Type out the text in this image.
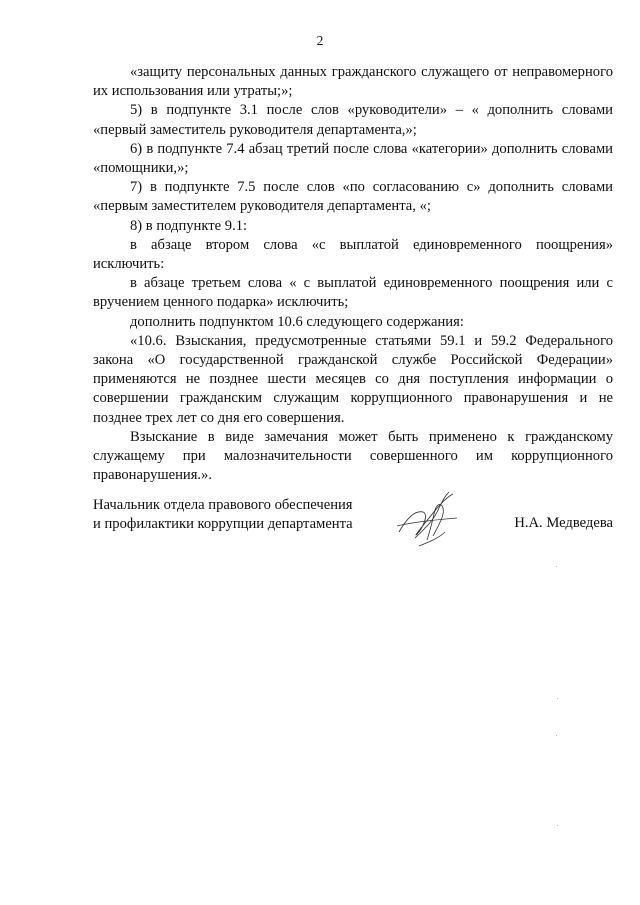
2

«защиту персональных данных гражданского служащего от неправомерного их использования или утраты;»;

5) в подпункте 3.1 после слов «руководители» – « дополнить словами «первый заместитель руководителя департамента,»;

6) в подпункте 7.4 абзац третий после слова «категории» дополнить словами «помощники,»;

7) в подпункте 7.5 после слов «по согласованию с» дополнить словами «первым заместителем руководителя департамента, «;

8) в подпункте 9.1:

в абзаце втором слова «с выплатой единовременного поощрения» исключить:

в абзаце третьем слова « с выплатой единовременного поощрения или с вручением ценного подарка» исключить;

дополнить подпунктом 10.6 следующего содержания:

«10.6. Взыскания, предусмотренные статьями 59.1 и 59.2 Федерального закона «О государственной гражданской службе Российской Федерации» применяются не позднее шести месяцев со дня поступления информации о совершении гражданским служащим коррупционного правонарушения и не позднее трех лет со дня его совершения.

Взыскание в виде замечания может быть применено к гражданскому служащему при малозначительности совершенного им коррупционного правонарушения.».

Начальник отдела правового обеспечения
и профилактики коррупции департамента	Н.А. Медведева
